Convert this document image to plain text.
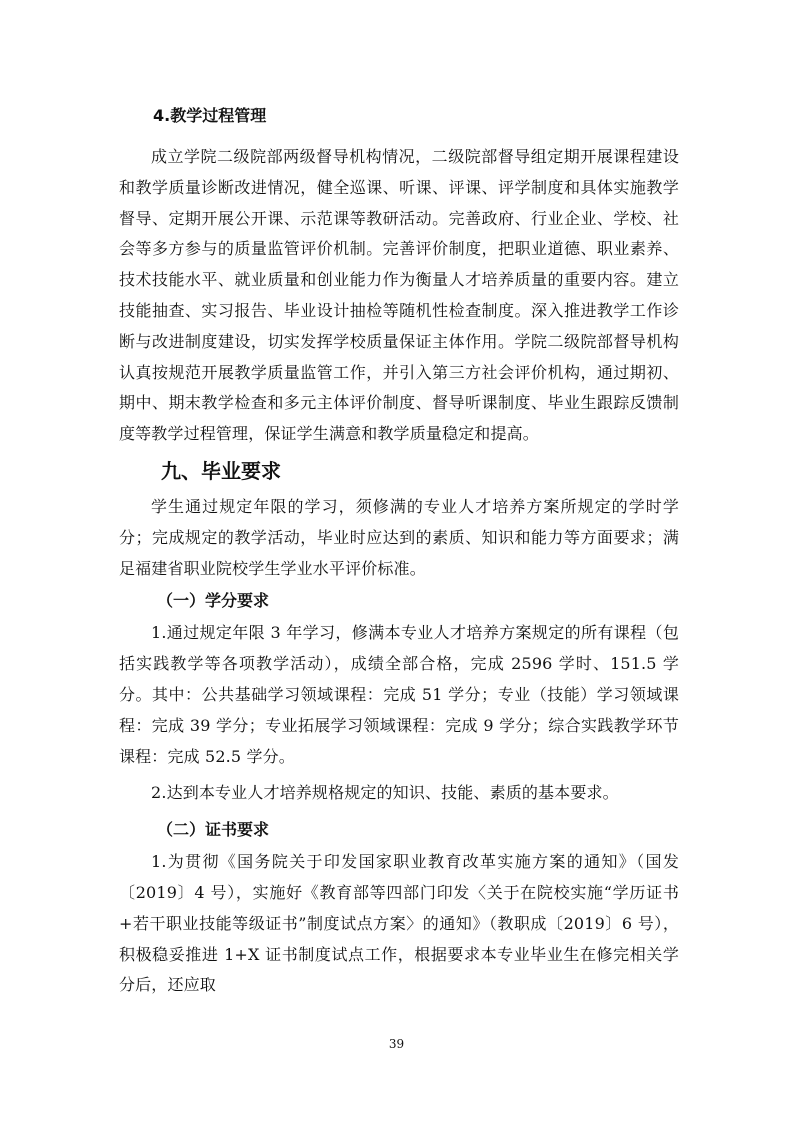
4.教学过程管理

成立学院二级院部两级督导机构情况，二级院部督导组定期开展课程建设和教学质量诊断改进情况，健全巡课、听课、评课、评学制度和具体实施教学督导、定期开展公开课、示范课等教研活动。完善政府、行业企业、学校、社会等多方参与的质量监管评价机制。完善评价制度，把职业道德、职业素养、技术技能水平、就业质量和创业能力作为衡量人才培养质量的重要内容。建立技能抽查、实习报告、毕业设计抽检等随机性检查制度。深入推进教学工作诊断与改进制度建设，切实发挥学校质量保证主体作用。学院二级院部督导机构认真按规范开展教学质量监管工作，并引入第三方社会评价机构，通过期初、期中、期末教学检查和多元主体评价制度、督导听课制度、毕业生跟踪反馈制度等教学过程管理，保证学生满意和教学质量稳定和提高。

九、毕业要求

学生通过规定年限的学习，须修满的专业人才培养方案所规定的学时学分；完成规定的教学活动，毕业时应达到的素质、知识和能力等方面要求；满足福建省职业院校学生学业水平评价标准。

（一）学分要求

1.通过规定年限 3 年学习，修满本专业人才培养方案规定的所有课程（包括实践教学等各项教学活动），成绩全部合格，完成 2596 学时、151.5 学分。其中：公共基础学习领域课程：完成 51 学分；专业（技能）学习领域课程：完成 39 学分；专业拓展学习领域课程：完成 9 学分；综合实践教学环节课程：完成 52.5 学分。

2.达到本专业人才培养规格规定的知识、技能、素质的基本要求。

（二）证书要求

1.为贯彻《国务院关于印发国家职业教育改革实施方案的通知》（国发〔2019〕4 号），实施好《教育部等四部门印发〈关于在院校实施“学历证书+若干职业技能等级证书”制度试点方案〉的通知》（教职成〔2019〕6 号），积极稳妥推进 1+X 证书制度试点工作，根据要求本专业毕业生在修完相关学分后，还应取

39
